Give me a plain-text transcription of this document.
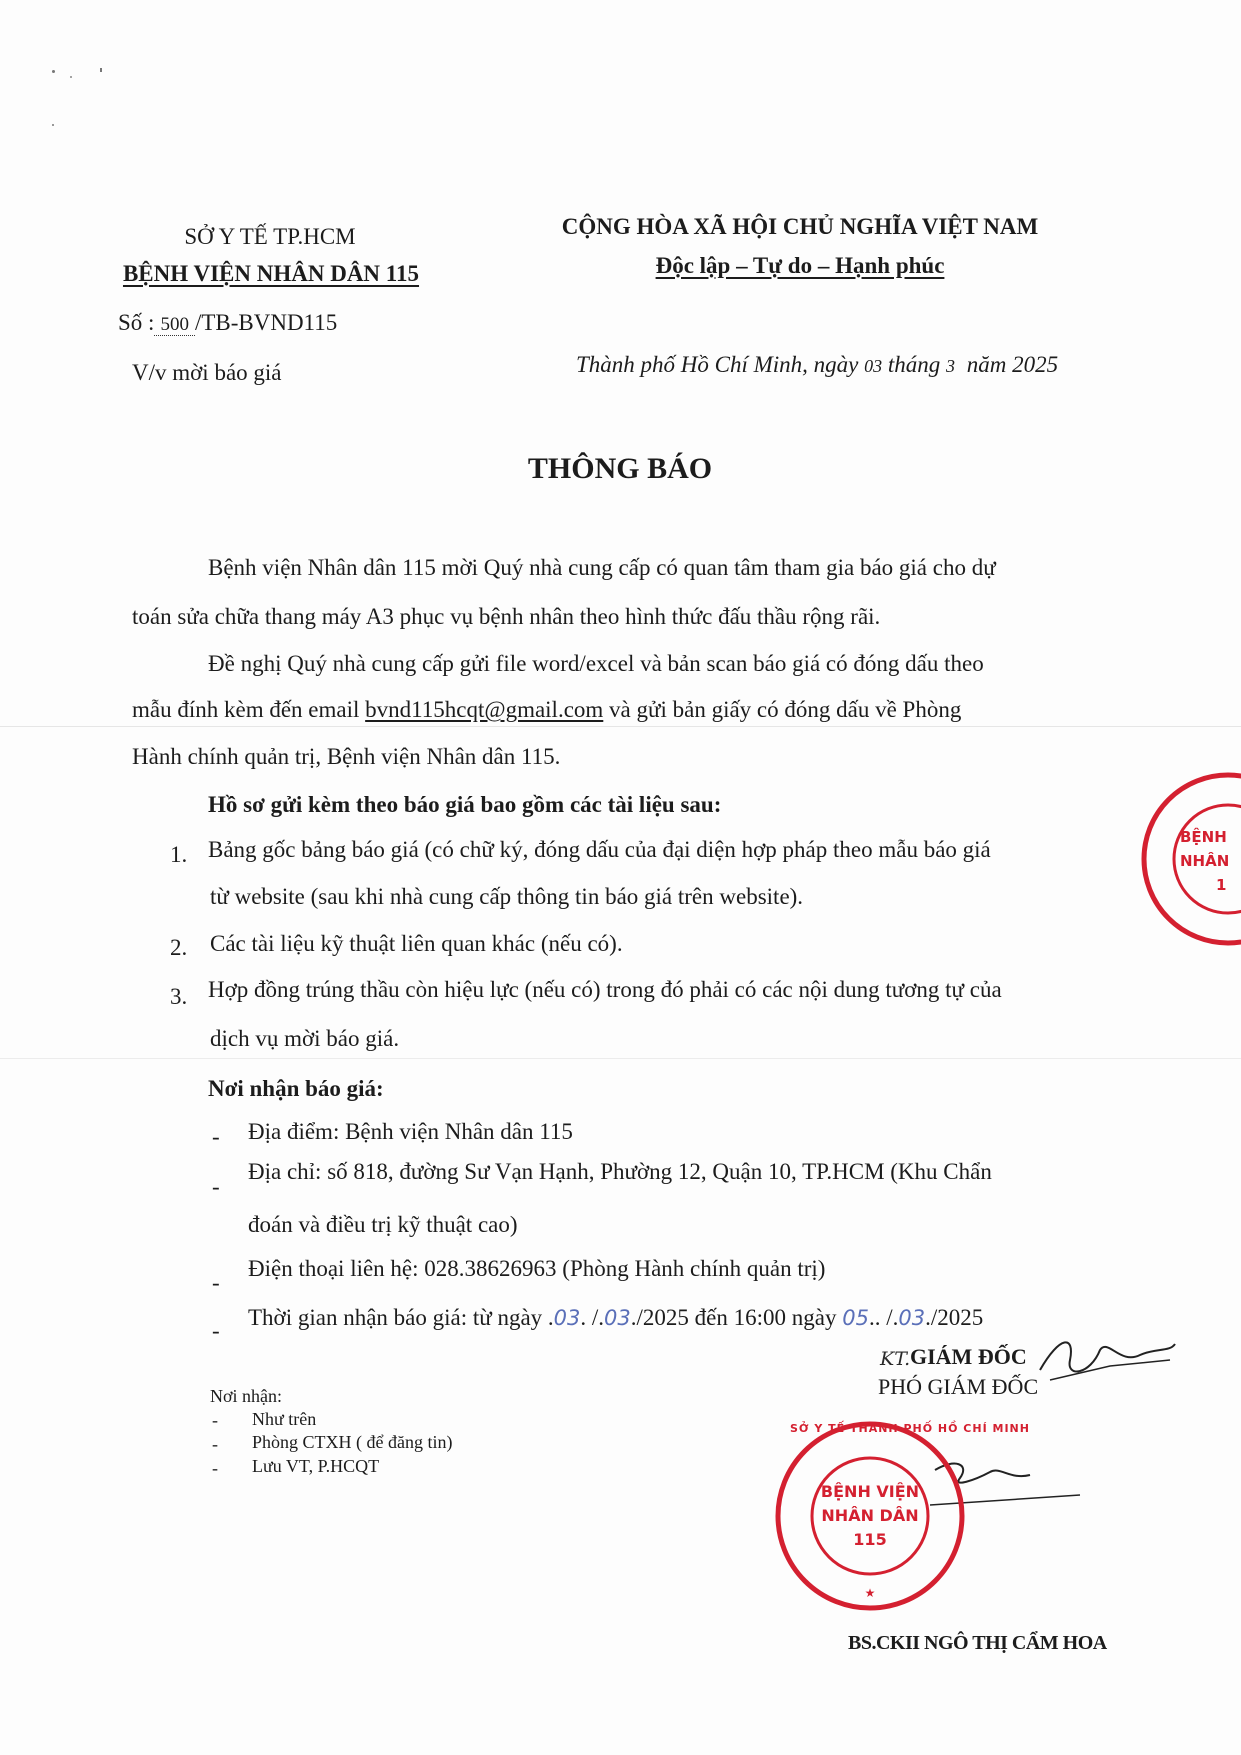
SỞ Y TẾ TP.HCM
BỆNH VIỆN NHÂN DÂN 115
Số : 500 /TB-BVND115
V/v mời báo giá
CỘNG HÒA XÃ HỘI CHỦ NGHĨA VIỆT NAM
Độc lập – Tự do – Hạnh phúc
Thành phố Hồ Chí Minh, ngày 03 tháng 3 năm 2025
THÔNG BÁO
Bệnh viện Nhân dân 115 mời Quý nhà cung cấp có quan tâm tham gia báo giá cho dự
toán sửa chữa thang máy A3 phục vụ bệnh nhân theo hình thức đấu thầu rộng rãi.
Đề nghị Quý nhà cung cấp gửi file word/excel và bản scan báo giá có đóng dấu theo
mẫu đính kèm đến email bvnd115hcqt@gmail.com và gửi bản giấy có đóng dấu về Phòng
Hành chính quản trị, Bệnh viện Nhân dân 115.
Hồ sơ gửi kèm theo báo giá bao gồm các tài liệu sau:
1. Bảng gốc bảng báo giá (có chữ ký, đóng dấu của đại diện hợp pháp theo mẫu báo giá
từ website (sau khi nhà cung cấp thông tin báo giá trên website).
2. Các tài liệu kỹ thuật liên quan khác (nếu có).
3. Hợp đồng trúng thầu còn hiệu lực (nếu có) trong đó phải có các nội dung tương tự của
dịch vụ mời báo giá.
Nơi nhận báo giá:
- Địa điểm: Bệnh viện Nhân dân 115
-
Địa chỉ: số 818, đường Sư Vạn Hạnh, Phường 12, Quận 10, TP.HCM (Khu Chẩn
đoán và điều trị kỹ thuật cao)
-
Điện thoại liên hệ: 028.38626963 (Phòng Hành chính quản trị)
-
Thời gian nhận báo giá: từ ngày .03. /.03./2025 đến 16:00 ngày 05.. /.03./2025
Nơi nhận:
- Như trên
- Phòng CTXH ( để đăng tin)
- Lưu VT, P.HCQT
KT. GIÁM ĐỐC
PHÓ GIÁM ĐỐC
BS.CKII NGÔ THỊ CẨM HOA
SỞ Y TẾ THÀNH PHỐ HỒ CHÍ MINH
BỆNH VIỆN
NHÂN DÂN
115
★
BỆNH
NHÂN
1
